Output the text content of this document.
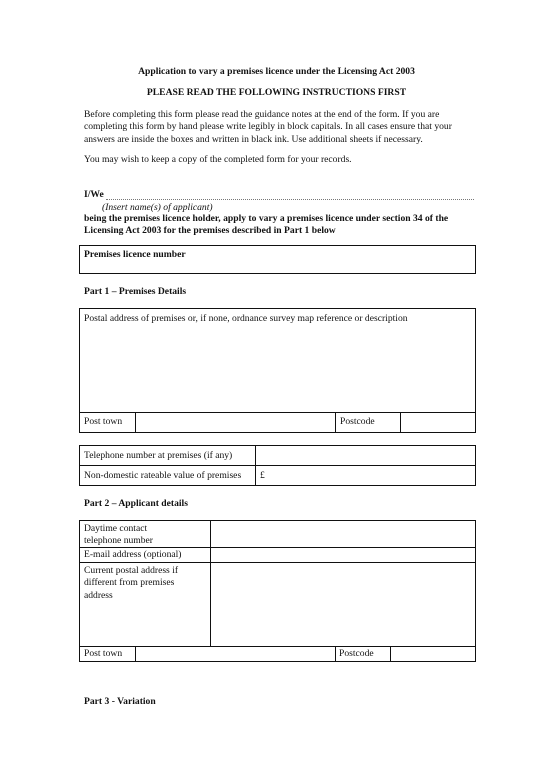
Application to vary a premises licence under the Licensing Act 2003
PLEASE READ THE FOLLOWING INSTRUCTIONS FIRST
Before completing this form please read the guidance notes at the end of the form. If you are
completing this form by hand please write legibly in block capitals. In all cases ensure that your
answers are inside the boxes and written in black ink. Use additional sheets if necessary.
You may wish to keep a copy of the completed form for your records.
I/We
(Insert name(s) of applicant)
being the premises licence holder, apply to vary a premises licence under section 34 of the
Licensing Act 2003 for the premises described in Part 1 below
Premises licence number
Part 1 – Premises Details
Postal address of premises or, if none, ordnance survey map reference or description
Post town	Postcode
Telephone number at premises (if any)
Non-domestic rateable value of premises £
Part 2 – Applicant details
Daytime contact
telephone number
E-mail address (optional)
Current postal address if
different from premises
address
Post town	Postcode
Part 3 - Variation
